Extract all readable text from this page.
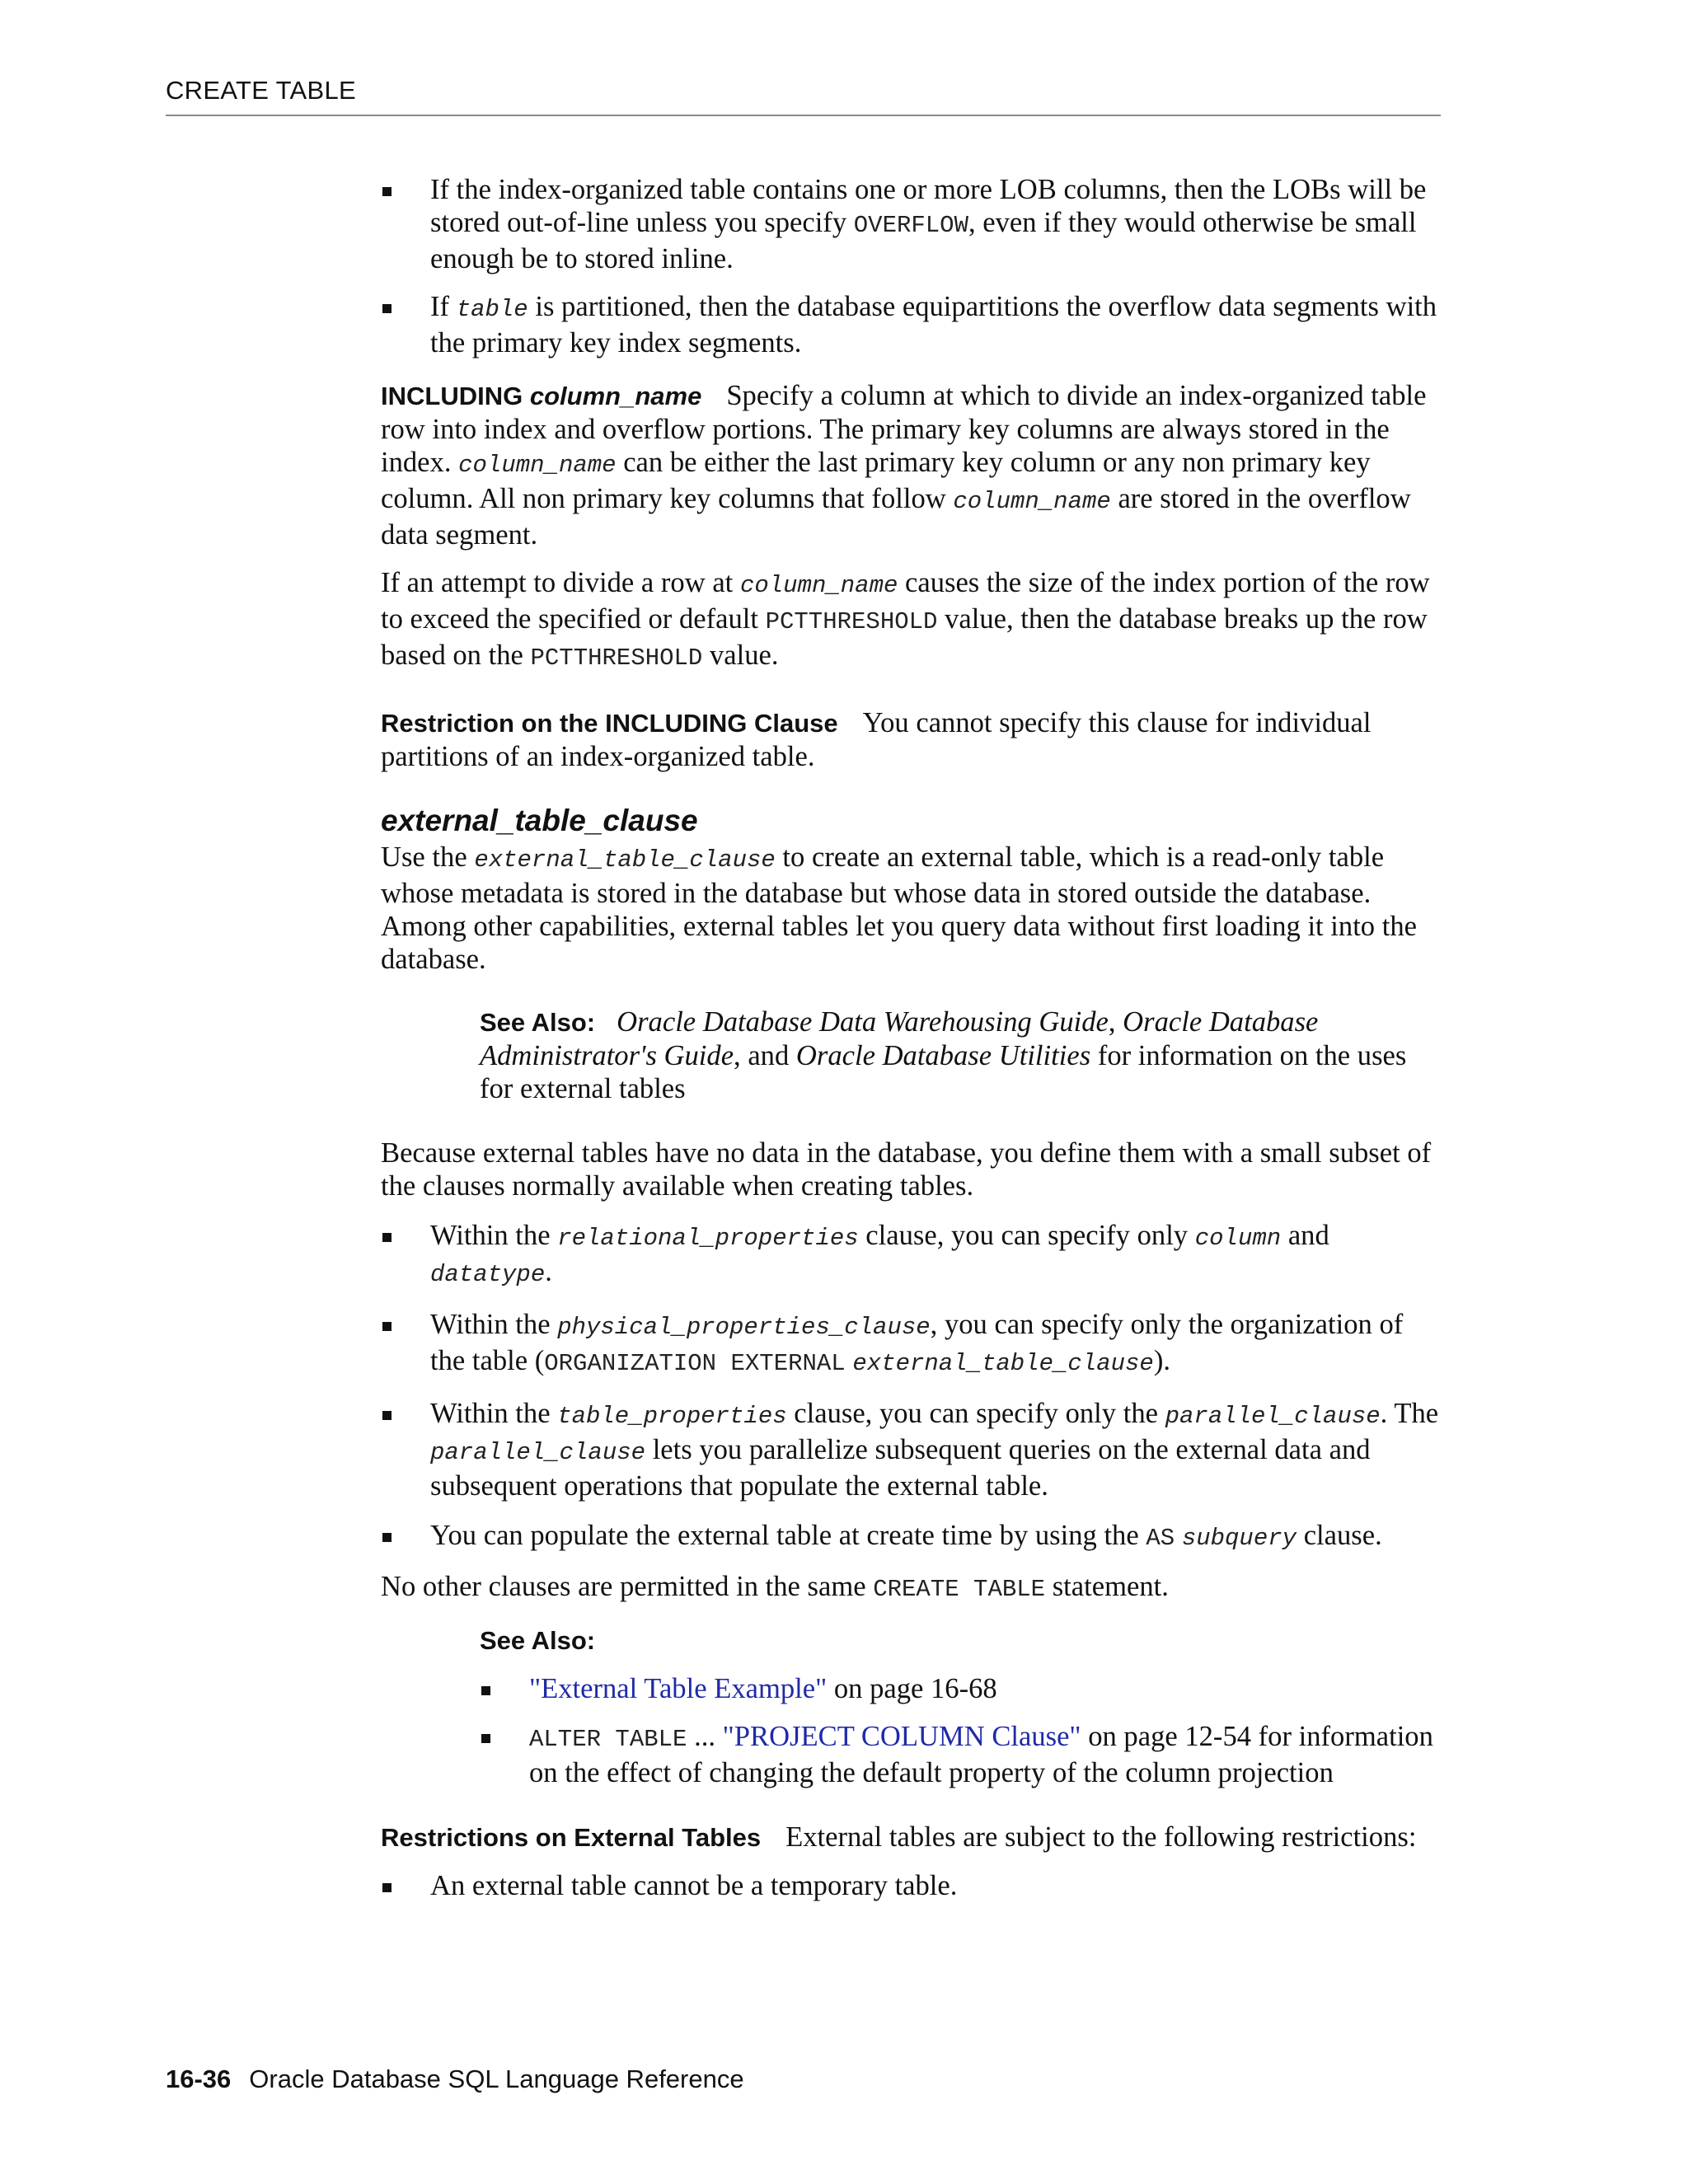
CREATE TABLE
If the index-organized table contains one or more LOB columns, then the LOBs will be stored out-of-line unless you specify OVERFLOW, even if they would otherwise be small enough be to stored inline.
If table is partitioned, then the database equipartitions the overflow data segments with the primary key index segments.

INCLUDING column_name Specify a column at which to divide an index-organized table row into index and overflow portions. The primary key columns are always stored in the index. column_name can be either the last primary key column or any non primary key column. All non primary key columns that follow column_name are stored in the overflow data segment.

If an attempt to divide a row at column_name causes the size of the index portion of the row to exceed the specified or default PCTTHRESHOLD value, then the database breaks up the row based on the PCTTHRESHOLD value.

Restriction on the INCLUDING Clause You cannot specify this clause for individual partitions of an index-organized table.

external_table_clause

Use the external_table_clause to create an external table, which is a read-only table whose metadata is stored in the database but whose data in stored outside the database. Among other capabilities, external tables let you query data without first loading it into the database.

See Also: Oracle Database Data Warehousing Guide, Oracle Database Administrator's Guide, and Oracle Database Utilities for information on the uses for external tables

Because external tables have no data in the database, you define them with a small subset of the clauses normally available when creating tables.

Within the relational_properties clause, you can specify only column and datatype.
Within the physical_properties_clause, you can specify only the organization of the table (ORGANIZATION EXTERNAL external_table_clause).
Within the table_properties clause, you can specify only the parallel_clause. The parallel_clause lets you parallelize subsequent queries on the external data and subsequent operations that populate the external table.
You can populate the external table at create time by using the AS subquery clause.

No other clauses are permitted in the same CREATE TABLE statement.

See Also:
"External Table Example" on page 16-68
ALTER TABLE ... "PROJECT COLUMN Clause" on page 12-54 for information on the effect of changing the default property of the column projection

Restrictions on External Tables External tables are subject to the following restrictions:

An external table cannot be a temporary table.
16-36 Oracle Database SQL Language Reference
